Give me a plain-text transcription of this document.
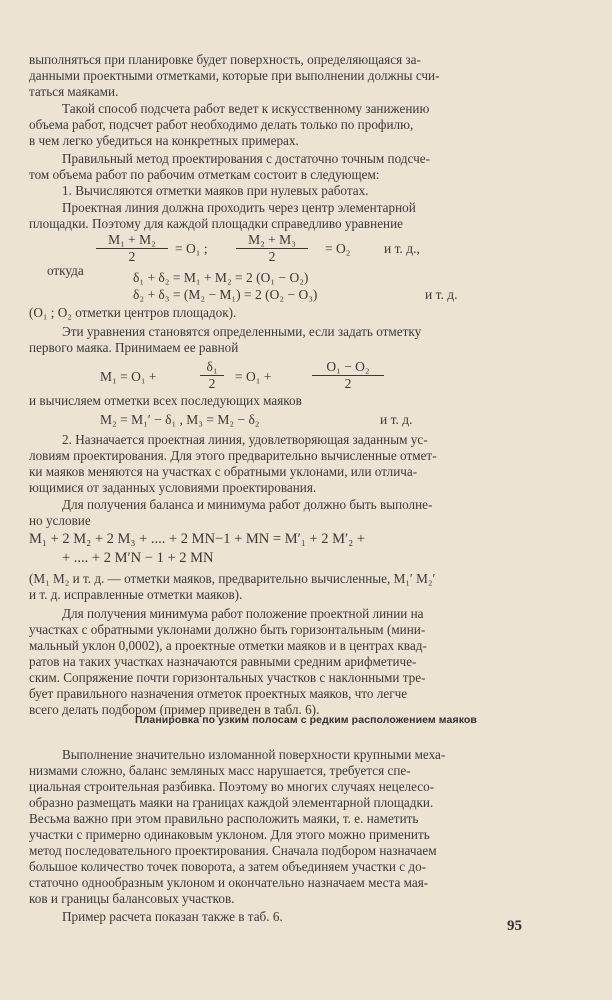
выполняться при планировке будет поверхность, определяющаяся за-
данными проектными отметками, которые при выполнении должны счи-
таться маяками.
Такой способ подсчета работ ведет к искусственному занижению
объема работ, подсчет работ необходимо делать только по профилю,
в чем легко убедиться на конкретных примерах.
Правильный метод проектирования с достаточно точным подсче-
том объема работ по рабочим отметкам состоит в следующем:
1. Вычисляются отметки маяков при нулевых работах.
Проектная линия должна проходить через центр элементарной
площадки. Поэтому для каждой площадки справедливо уравнение
M₁ + M₂
2
= O₁ ;
M₂ + M₃
2
= O₂ и т. д.,
откуда	δ₁ + δ₂ = M₁ + M₂ = 2 (O₁ − O₂)
δ₂ + δ₃ = (M₂ − M₁) = 2 (O₂ − O₃)	и т. д.
(O₁ ; O₂ отметки центров площадок).
Эти уравнения становятся определенными, если задать отметку
первого маяка. Принимаем ее равной
M₁ = O₁ +
δ₁
2	= O₁ +
O₁ − O₂
2
и вычисляем отметки всех последующих маяков
M₂ = M₁′ − δ₁ , M₃ = M₂ − δ₂	и т. д.
2. Назначается проектная линия, удовлетворяющая заданным ус-
ловиям проектирования. Для этого предварительно вычисленные отмет-
ки маяков меняются на участках с обратными уклонами, или отлича-
ющимися от заданных условиями проектирования.
Для получения баланса и минимума работ должно быть выполне-
но условие
M₁ + 2 M₂ + 2 M₃ + .... + 2 MN−1 + MN = M′₁ + 2 M′₂ +
+ .... + 2 M′N − 1 + 2 MN
(M₁ M₂ и т. д. — отметки маяков, предварительно вычисленные, M₁′ M₂′
и т. д. исправленные отметки маяков).
Для получения минимума работ положение проектной линии на
участках с обратными уклонами должно быть горизонтальным (мини-
мальный уклон 0,0002), а проектные отметки маяков и в центрах квад-
ратов на таких участках назначаются равными средним арифметиче-
ским. Сопряжение почти горизонтальных участков с наклонными тре-
бует правильного назначения отметок проектных маяков, что легче
всего делать подбором (пример приведен в табл. 6).
Планировка по узким полосам с редким расположением маяков
Выполнение значительно изломанной поверхности крупными меха-
низмами сложно, баланс земляных масс нарушается, требуется спе-
циальная строительная разбивка. Поэтому во многих случаях нецелесо-
образно размещать маяки на границах каждой элементарной площадки.
Весьма важно при этом правильно расположить маяки, т. е. наметить
участки с примерно одинаковым уклоном. Для этого можно применить
метод последовательного проектирования. Сначала подбором назначаем
большое количество точек поворота, а затем объединяем участки с до-
статочно однообразным уклоном и окончательно назначаем места мая-
ков и границы балансовых участков.
Пример расчета показан также в таб. 6.
95
